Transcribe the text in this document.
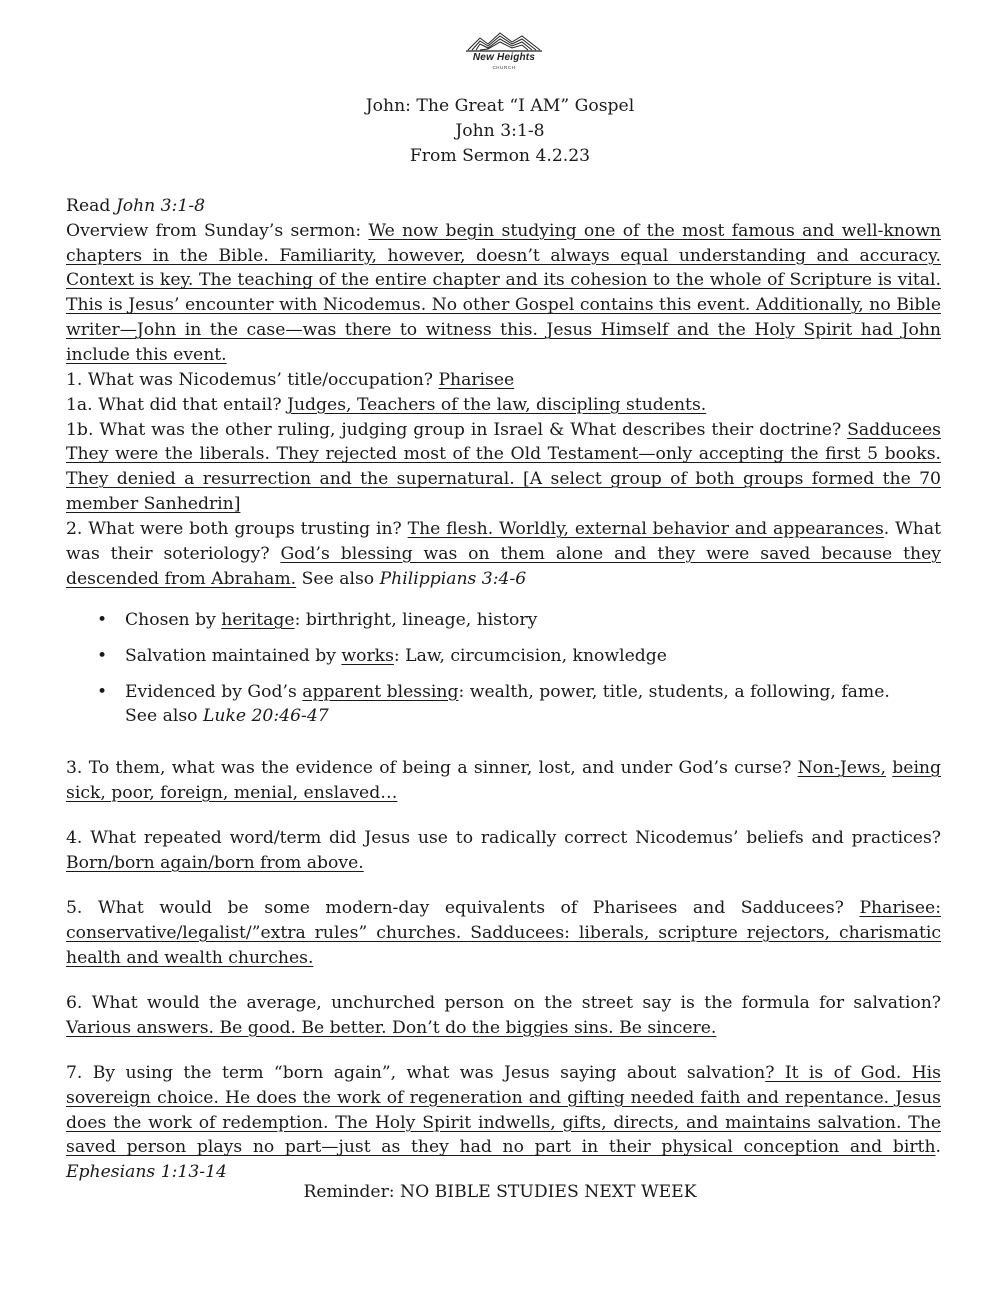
New Heights
CHURCH
John: The Great “I AM” Gospel
John 3:1-8
From Sermon 4.2.23

Read John 3:1-8

Overview from Sunday’s sermon: We now begin studying one of the most famous and well-known chapters in the Bible. Familiarity, however, doesn’t always equal understanding and accuracy. Context is key. The teaching of the entire chapter and its cohesion to the whole of Scripture is vital. This is Jesus’ encounter with Nicodemus. No other Gospel contains this event. Additionally, no Bible writer—John in the case—was there to witness this. Jesus Himself and the Holy Spirit had John include this event.

1. What was Nicodemus’ title/occupation? Pharisee

1a. What did that entail? Judges, Teachers of the law, discipling students.

1b. What was the other ruling, judging group in Israel & What describes their doctrine? Sadducees They were the liberals. They rejected most of the Old Testament—only accepting the first 5 books. They denied a resurrection and the supernatural. [A select group of both groups formed the 70 member Sanhedrin]

2. What were both groups trusting in? The flesh. Worldly, external behavior and appearances. What was their soteriology? God’s blessing was on them alone and they were saved because they descended from Abraham. See also Philippians 3:4-6

• Chosen by heritage: birthright, lineage, history
• Salvation maintained by works: Law, circumcision, knowledge
• Evidenced by God’s apparent blessing: wealth, power, title, students, a following, fame.
See also Luke 20:46-47

3. To them, what was the evidence of being a sinner, lost, and under God’s curse? Non-Jews, being sick, poor, foreign, menial, enslaved…

4. What repeated word/term did Jesus use to radically correct Nicodemus’ beliefs and practices? Born/born again/born from above.

5. What would be some modern-day equivalents of Pharisees and Sadducees? Pharisee: conservative/legalist/”extra rules” churches. Sadducees: liberals, scripture rejectors, charismatic health and wealth churches.

6. What would the average, unchurched person on the street say is the formula for salvation? Various answers. Be good. Be better. Don’t do the biggies sins. Be sincere.

7. By using the term “born again”, what was Jesus saying about salvation? It is of God. His sovereign choice. He does the work of regeneration and gifting needed faith and repentance. Jesus does the work of redemption. The Holy Spirit indwells, gifts, directs, and maintains salvation. The saved person plays no part—just as they had no part in their physical conception and birth. Ephesians 1:13-14

Reminder: NO BIBLE STUDIES NEXT WEEK
